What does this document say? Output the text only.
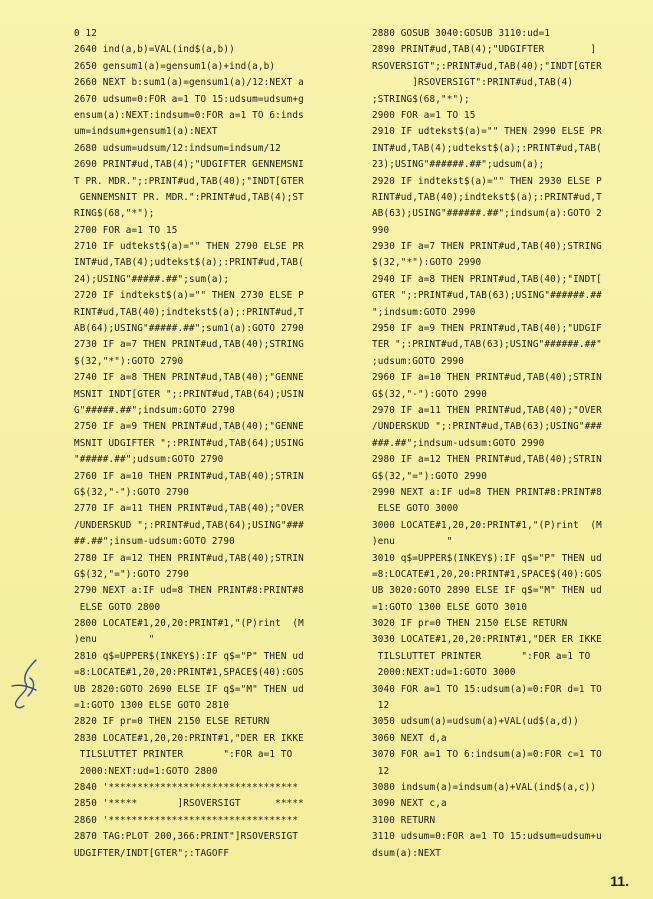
0 12
2640 ind(a,b)=VAL(ind$(a,b))
2650 gensum1(a)=gensum1(a)+ind(a,b)
2660 NEXT b:sum1(a)=gensum1(a)/12:NEXT a
2670 udsum=0:FOR a=1 TO 15:udsum=udsum+g
ensum(a):NEXT:indsum=0:FOR a=1 TO 6:inds
um=indsum+gensum1(a):NEXT
2680 udsum=udsum/12:indsum=indsum/12
2690 PRINT#ud,TAB(4);"UDGIFTER GENNEMSNI
T PR. MDR.";:PRINT#ud,TAB(40);"INDT[GTER
GENNEMSNIT PR. MDR.":PRINT#ud,TAB(4);ST
RING$(68,"*");
2700 FOR a=1 TO 15
2710 IF udtekst$(a)="" THEN 2790 ELSE PR
INT#ud,TAB(4);udtekst$(a);:PRINT#ud,TAB(
24);USING"#####.##";sum(a);
2720 IF indtekst$(a)="" THEN 2730 ELSE P
RINT#ud,TAB(40);indtekst$(a);:PRINT#ud,T
AB(64);USING"#####.##";sum1(a):GOTO 2790
2730 IF a=7 THEN PRINT#ud,TAB(40);STRING
$(32,"*"):GOTO 2790
2740 IF a=8 THEN PRINT#ud,TAB(40);"GENNE
MSNIT INDT[GTER ";:PRINT#ud,TAB(64);USIN
G"#####.##";indsum:GOTO 2790
2750 IF a=9 THEN PRINT#ud,TAB(40);"GENNE
MSNIT UDGIFTER ";:PRINT#ud,TAB(64);USING
"#####.##";udsum:GOTO 2790
2760 IF a=10 THEN PRINT#ud,TAB(40);STRIN
G$(32,"-"):GOTO 2790
2770 IF a=11 THEN PRINT#ud,TAB(40);"OVER
/UNDERSKUD ";:PRINT#ud,TAB(64);USING"###
##.##";insum-udsum:GOTO 2790
2780 IF a=12 THEN PRINT#ud,TAB(40);STRIN
G$(32,"="):GOTO 2790
2790 NEXT a:IF ud=8 THEN PRINT#8:PRINT#8
ELSE GOTO 2800
2800 LOCATE#1,20,20:PRINT#1,"(P)rint  (M
)enu         "
2810 q$=UPPER$(INKEY$):IF q$="P" THEN ud
=8:LOCATE#1,20,20:PRINT#1,SPACE$(40):GOS
UB 2820:GOTO 2690 ELSE IF q$="M" THEN ud
=1:GOTO 1300 ELSE GOTO 2810
2820 IF pr=0 THEN 2150 ELSE RETURN
2830 LOCATE#1,20,20:PRINT#1,"DER ER IKKE
TILSLUTTET PRINTER       ":FOR a=1 TO
2000:NEXT:ud=1:GOTO 2800
2840 '*********************************
2850 '*****       ]RSOVERSIGT      *****
2860 '*********************************
2870 TAG:PLOT 200,366:PRINT"]RSOVERSIGT
UDGIFTER/INDT[GTER";:TAGOFF
2880 GOSUB 3040:GOSUB 3110:ud=1
2890 PRINT#ud,TAB(4);"UDGIFTER        ]
RSOVERSIGT";:PRINT#ud,TAB(40);"INDT[GTER
]RSOVERSIGT":PRINT#ud,TAB(4)
;STRING$(68,"*");
2900 FOR a=1 TO 15
2910 IF udtekst$(a)="" THEN 2990 ELSE PR
INT#ud,TAB(4);udtekst$(a);:PRINT#ud,TAB(
23);USING"######.##";udsum(a);
2920 IF indtekst$(a)="" THEN 2930 ELSE P
RINT#ud,TAB(40);indtekst$(a);:PRINT#ud,T
AB(63);USING"######.##";indsum(a):GOTO 2
990
2930 IF a=7 THEN PRINT#ud,TAB(40);STRING
$(32,"*"):GOTO 2990
2940 IF a=8 THEN PRINT#ud,TAB(40);"INDT[
GTER ";:PRINT#ud,TAB(63);USING"######.##
";indsum:GOTO 2990
2950 IF a=9 THEN PRINT#ud,TAB(40);"UDGIF
TER ";:PRINT#ud,TAB(63);USING"######.##"
;udsum:GOTO 2990
2960 IF a=10 THEN PRINT#ud,TAB(40);STRIN
G$(32,"-"):GOTO 2990
2970 IF a=11 THEN PRINT#ud,TAB(40);"OVER
/UNDERSKUD ";:PRINT#ud,TAB(63);USING"###
###.##";indsum-udsum:GOTO 2990
2980 IF a=12 THEN PRINT#ud,TAB(40);STRIN
G$(32,"="):GOTO 2990
2990 NEXT a:IF ud=8 THEN PRINT#8:PRINT#8
ELSE GOTO 3000
3000 LOCATE#1,20,20:PRINT#1,"(P)rint  (M
)enu         "
3010 q$=UPPER$(INKEY$):IF q$="P" THEN ud
=8:LOCATE#1,20,20:PRINT#1,SPACE$(40):GOS
UB 3020:GOTO 2890 ELSE IF q$="M" THEN ud
=1:GOTO 1300 ELSE GOTO 3010
3020 IF pr=0 THEN 2150 ELSE RETURN
3030 LOCATE#1,20,20:PRINT#1,"DER ER IKKE
TILSLUTTET PRINTER       ":FOR a=1 TO
2000:NEXT:ud=1:GOTO 3000
3040 FOR a=1 TO 15:udsum(a)=0:FOR d=1 TO
12
3050 udsum(a)=udsum(a)+VAL(ud$(a,d))
3060 NEXT d,a
3070 FOR a=1 TO 6:indsum(a)=0:FOR c=1 TO
12
3080 indsum(a)=indsum(a)+VAL(ind$(a,c))
3090 NEXT c,a
3100 RETURN
3110 udsum=0:FOR a=1 TO 15:udsum=udsum+u
dsum(a):NEXT
11.
